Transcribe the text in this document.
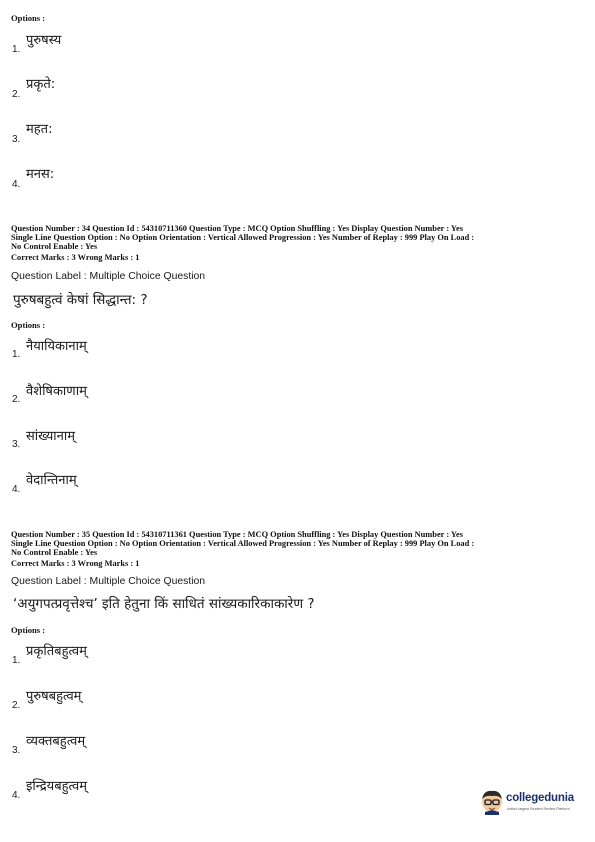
Options :
पुरुषस्य
1.
प्रकृते:
2.
महत:
3.
मनस:
4.
Question Number : 34 Question Id : 54310711360 Question Type : MCQ Option Shuffling : Yes Display Question Number : Yes
Single Line Question Option : No Option Orientation : Vertical Allowed Progression : Yes Number of Replay : 999 Play On Load :
No Control Enable : Yes
Correct Marks : 3 Wrong Marks : 1
Question Label : Multiple Choice Question
पुरुषबहुत्वं केषां सिद्धान्त: ?
Options :
नैयायिकानाम्
1.
वैशेषिकाणाम्
2.
सांख्यानाम्
3.
वेदान्तिनाम्
4.
Question Number : 35 Question Id : 54310711361 Question Type : MCQ Option Shuffling : Yes Display Question Number : Yes
Single Line Question Option : No Option Orientation : Vertical Allowed Progression : Yes Number of Replay : 999 Play On Load :
No Control Enable : Yes
Correct Marks : 3 Wrong Marks : 1
Question Label : Multiple Choice Question
‘अयुगपत्प्रवृत्तेश्च’ इति हेतुना किं साधितं सांख्यकारिकाकारेण ?
Options :
प्रकृतिबहुत्वम्
1.
पुरुषबहुत्वम्
2.
व्यक्तबहुत्वम्
3.
इन्द्रियबहुत्वम्
4.	collegedunia
India's largest Student Review Platform
